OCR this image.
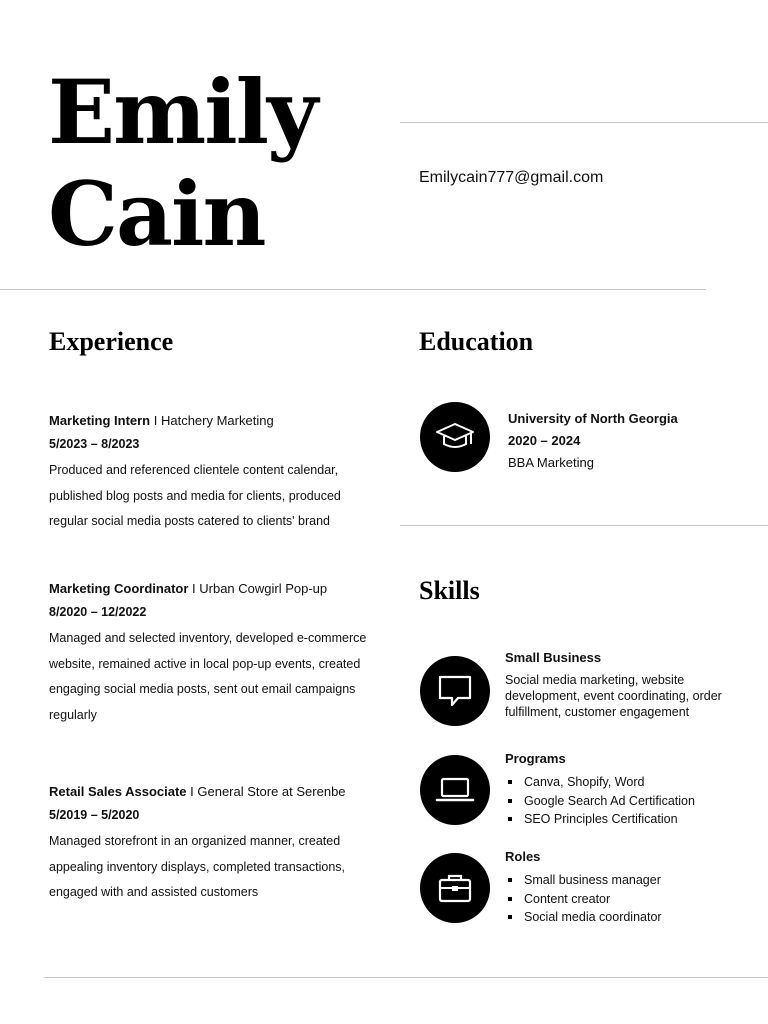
Emily
Cain	Emilycain777@gmail.com
Experience
Marketing Intern I Hatchery Marketing
5/2023 – 8/2023
Produced and referenced clientele content calendar, published blog posts and media for clients, produced regular social media posts catered to clients' brand
Marketing Coordinator I Urban Cowgirl Pop-up
8/2020 – 12/2022
Managed and selected inventory, developed e-commerce website, remained active in local pop-up events, created engaging social media posts, sent out email campaigns regularly
Retail Sales Associate I General Store at Serenbe
5/2019 – 5/2020
Managed storefront in an organized manner, created appealing inventory displays, completed transactions, engaged with and assisted customers
Education
University of North Georgia
2020 – 2024
BBA Marketing
Skills
Small Business
Social media marketing, website development, event coordinating, order fulfillment, customer engagement
Programs
Canva, Shopify, Word
Google Search Ad Certification
SEO Principles Certification
Roles
Small business manager
Content creator
Social media coordinator
